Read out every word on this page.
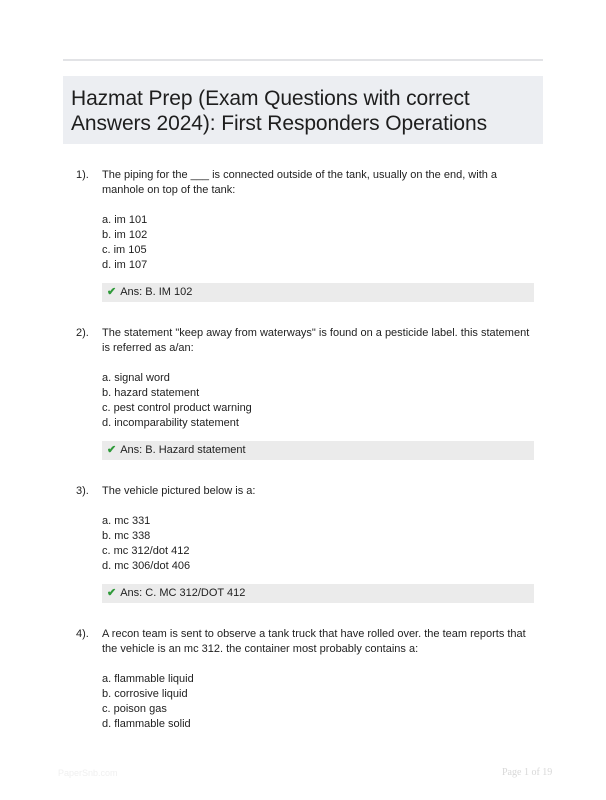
Hazmat Prep (Exam Questions with correct Answers 2024): First Responders Operations
1). The piping for the ___ is connected outside of the tank, usually on the end, with a manhole on top of the tank:
a. im 101
b. im 102
c. im 105
d. im 107
✔ Ans: B. IM 102
2). The statement "keep away from waterways" is found on a pesticide label. this statement is referred as a/an:
a. signal word
b. hazard statement
c. pest control product warning
d. incomparability statement
✔ Ans: B. Hazard statement
3). The vehicle pictured below is a:
a. mc 331
b. mc 338
c. mc 312/dot 412
d. mc 306/dot 406
✔ Ans: C. MC 312/DOT 412
4). A recon team is sent to observe a tank truck that have rolled over. the team reports that the vehicle is an mc 312. the container most probably contains a:
a. flammable liquid
b. corrosive liquid
c. poison gas
d. flammable solid
PaperSnb.com	Page 1 of 19
